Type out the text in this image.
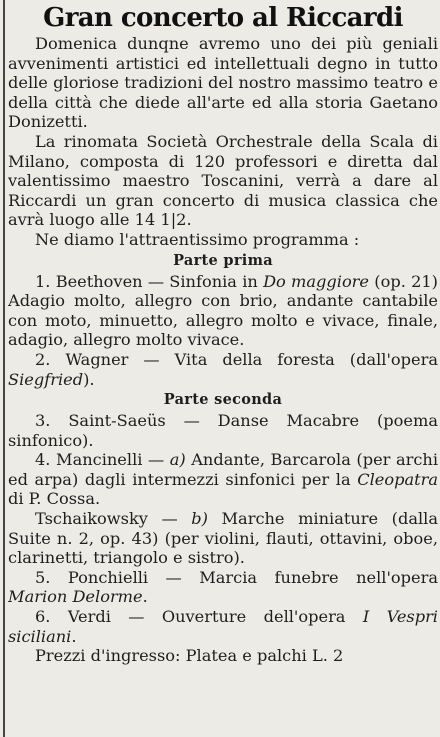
Gran concerto al Riccardi

Domenica dunqne avremo uno dei più geniali avvenimenti artistici ed intellettuali degno in tutto delle gloriose tradizioni del nostro massimo teatro e della città che diede all'arte ed alla storia Gaetano Donizetti.

La rinomata Società Orchestrale della Scala di Milano, composta di 120 professori e diretta dal valentissimo maestro Toscanini, verrà a dare al Riccardi un gran concerto di musica classica che avrà luogo alle 14 1|2.

Ne diamo l'attraentissimo programma :

Parte prima

1. Beethoven — Sinfonia in Do maggiore (op. 21) Adagio molto, allegro con brio, andante cantabile con moto, minuetto, allegro molto e vivace, finale, adagio, allegro molto vivace.

2. Wagner — Vita della foresta (dall'opera Siegfried).

Parte seconda

3. Saint-Saeüs — Danse Macabre (poema sinfonico).

4. Mancinelli — a) Andante, Barcarola (per archi ed arpa) dagli intermezzi sinfonici per la Cleopatra di P. Cossa.

Tschaikowsky — b) Marche miniature (dalla Suite n. 2, op. 43) (per violini, flauti, ottavini, oboe, clarinetti, triangolo e sistro).

5. Ponchielli — Marcia funebre nell'opera Marion Delorme.

6. Verdi — Ouverture dell'opera I Vespri siciliani.

Prezzi d'ingresso: Platea e palchi L. 2
